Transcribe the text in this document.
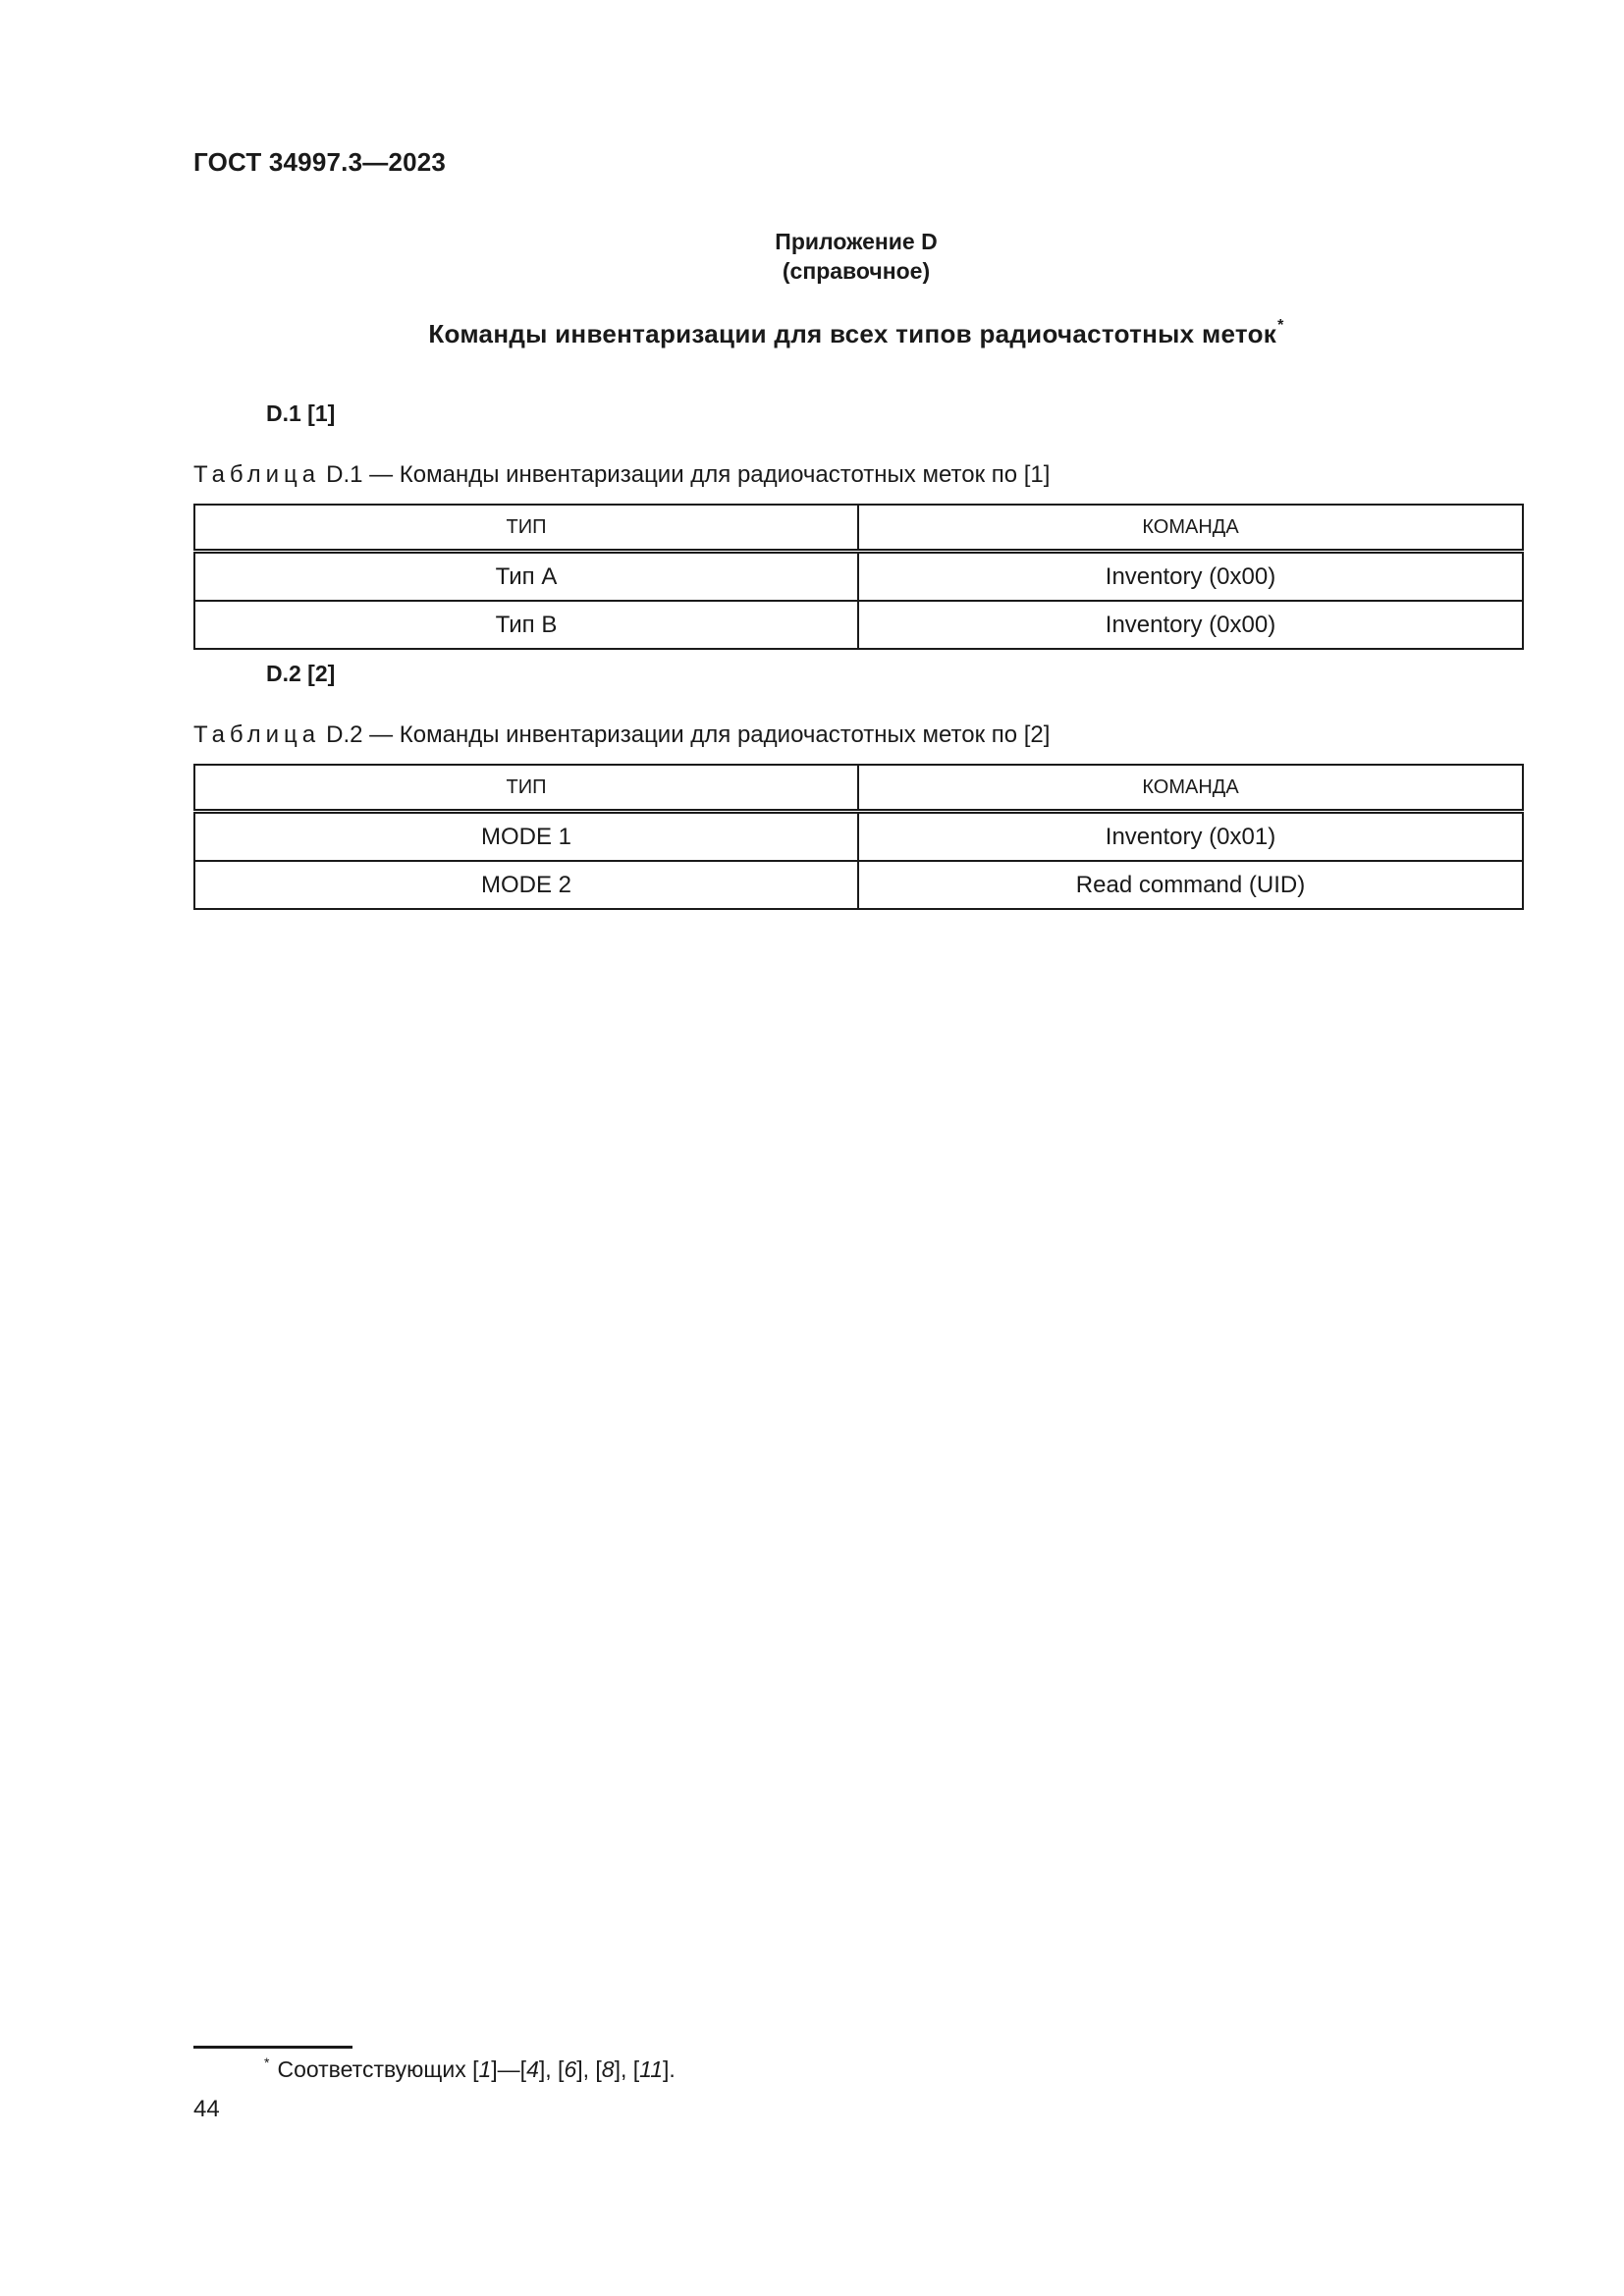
ГОСТ 34997.3—2023
Приложение D
(справочное)
Команды инвентаризации для всех типов радиочастотных меток*
D.1 [1]
Таблица D.1 — Команды инвентаризации для радиочастотных меток по [1]
ТИП	КОМАНДА
Тип А	Inventory (0x00)
Тип В	Inventory (0x00)
D.2 [2]
Таблица D.2 — Команды инвентаризации для радиочастотных меток по [2]
ТИП	КОМАНДА
MODE 1	Inventory (0x01)
MODE 2	Read command (UID)
* Соответствующих [1]—[4], [6], [8], [11].
44
